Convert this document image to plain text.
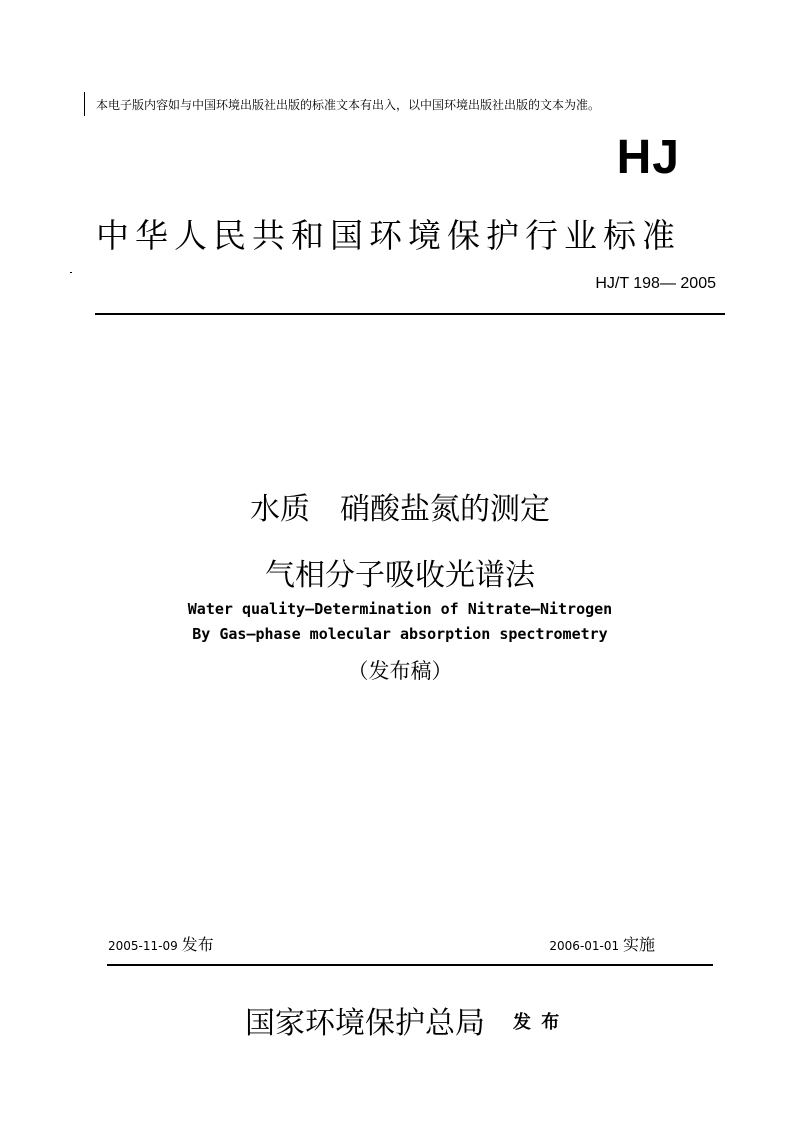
本电子版内容如与中国环境出版社出版的标准文本有出入，以中国环境出版社出版的文本为准。
HJ
中华人民共和国环境保护行业标准
HJ/T 198— 2005
水质　硝酸盐氮的测定
气相分子吸收光谱法
Water quality—Determination of Nitrate—Nitrogen
By Gas—phase molecular absorption spectrometry
（发布稿）
2005-11-09 发布	2006-01-01 实施
国家环境保护总局 发 布
